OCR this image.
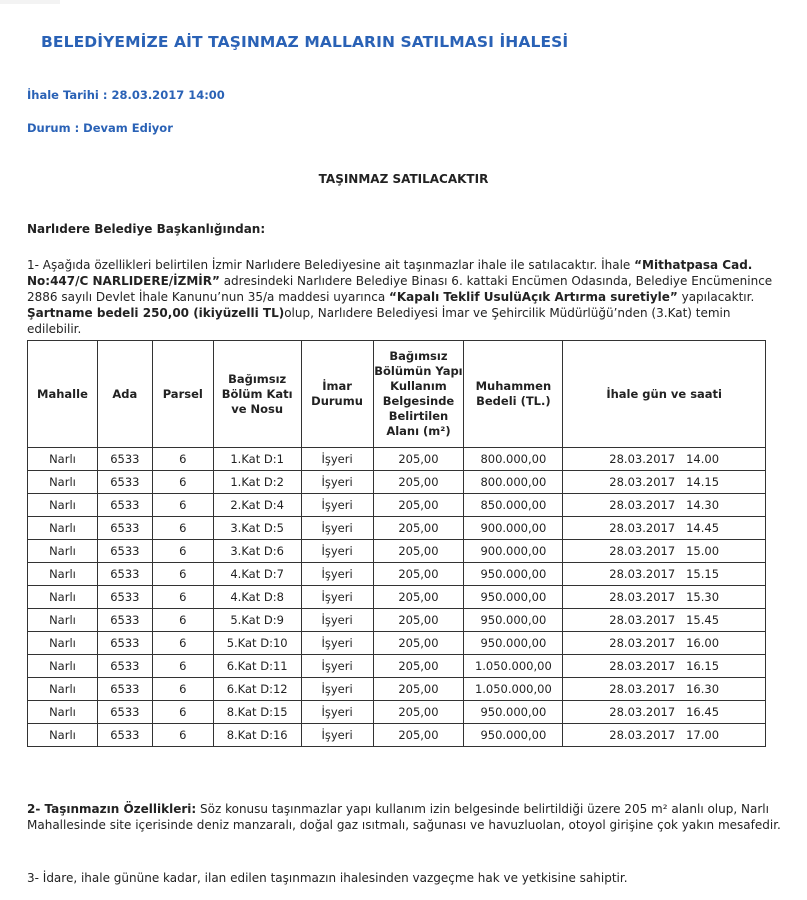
BELEDİYEMİZE AİT TAŞINMAZ MALLARIN SATILMASI İHALESİ
İhale Tarihi : 28.03.2017 14:00
Durum : Devam Ediyor
TAŞINMAZ SATILACAKTIR
Narlıdere Belediye Başkanlığından:
1- Aşağıda özellikleri belirtilen İzmir Narlıdere Belediyesine ait taşınmazlar ihale ile satılacaktır. İhale “Mithatpasa Cad. No:447/C NARLIDERE/İZMİR” adresindeki Narlıdere Belediye Binası 6. kattaki Encümen Odasında, Belediye Encümenince 2886 sayılı Devlet İhale Kanunu’nun 35/a maddesi uyarınca “Kapalı Teklif UsulüAçık Artırma suretiyle” yapılacaktır. Şartname bedeli 250,00 (ikiyüzelli TL)olup, Narlıdere Belediyesi İmar ve Şehircilik Müdürlüğü’nden (3.Kat) temin edilebilir.
Mahalle	Ada	Parsel	Bağımsız Bölüm Katı ve Nosu	İmar Durumu	Bağımsız Bölümün Yapı Kullanım Belgesinde Belirtilen Alanı (m²)	Muhammen Bedeli (TL.)	İhale gün ve saati
Narlı	6533	6	1.Kat D:1	İşyeri	205,00	800.000,00	28.03.2017   14.00
Narlı	6533	6	1.Kat D:2	İşyeri	205,00	800.000,00	28.03.2017   14.15
Narlı	6533	6	2.Kat D:4	İşyeri	205,00	850.000,00	28.03.2017   14.30
Narlı	6533	6	3.Kat D:5	İşyeri	205,00	900.000,00	28.03.2017   14.45
Narlı	6533	6	3.Kat D:6	İşyeri	205,00	900.000,00	28.03.2017   15.00
Narlı	6533	6	4.Kat D:7	İşyeri	205,00	950.000,00	28.03.2017   15.15
Narlı	6533	6	4.Kat D:8	İşyeri	205,00	950.000,00	28.03.2017   15.30
Narlı	6533	6	5.Kat D:9	İşyeri	205,00	950.000,00	28.03.2017   15.45
Narlı	6533	6	5.Kat D:10	İşyeri	205,00	950.000,00	28.03.2017   16.00
Narlı	6533	6	6.Kat D:11	İşyeri	205,00	1.050.000,00	28.03.2017   16.15
Narlı	6533	6	6.Kat D:12	İşyeri	205,00	1.050.000,00	28.03.2017   16.30
Narlı	6533	6	8.Kat D:15	İşyeri	205,00	950.000,00	28.03.2017   16.45
Narlı	6533	6	8.Kat D:16	İşyeri	205,00	950.000,00	28.03.2017   17.00
2- Taşınmazın Özellikleri: Söz konusu taşınmazlar yapı kullanım izin belgesinde belirtildiği üzere 205 m² alanlı olup, Narlı Mahallesinde site içerisinde deniz manzaralı, doğal gaz ısıtmalı, sağunası ve havuzluolan, otoyol girişine çok yakın mesafedir.
3- İdare, ihale gününe kadar, ilan edilen taşınmazın ihalesinden vazgeçme hak ve yetkisine sahiptir.
